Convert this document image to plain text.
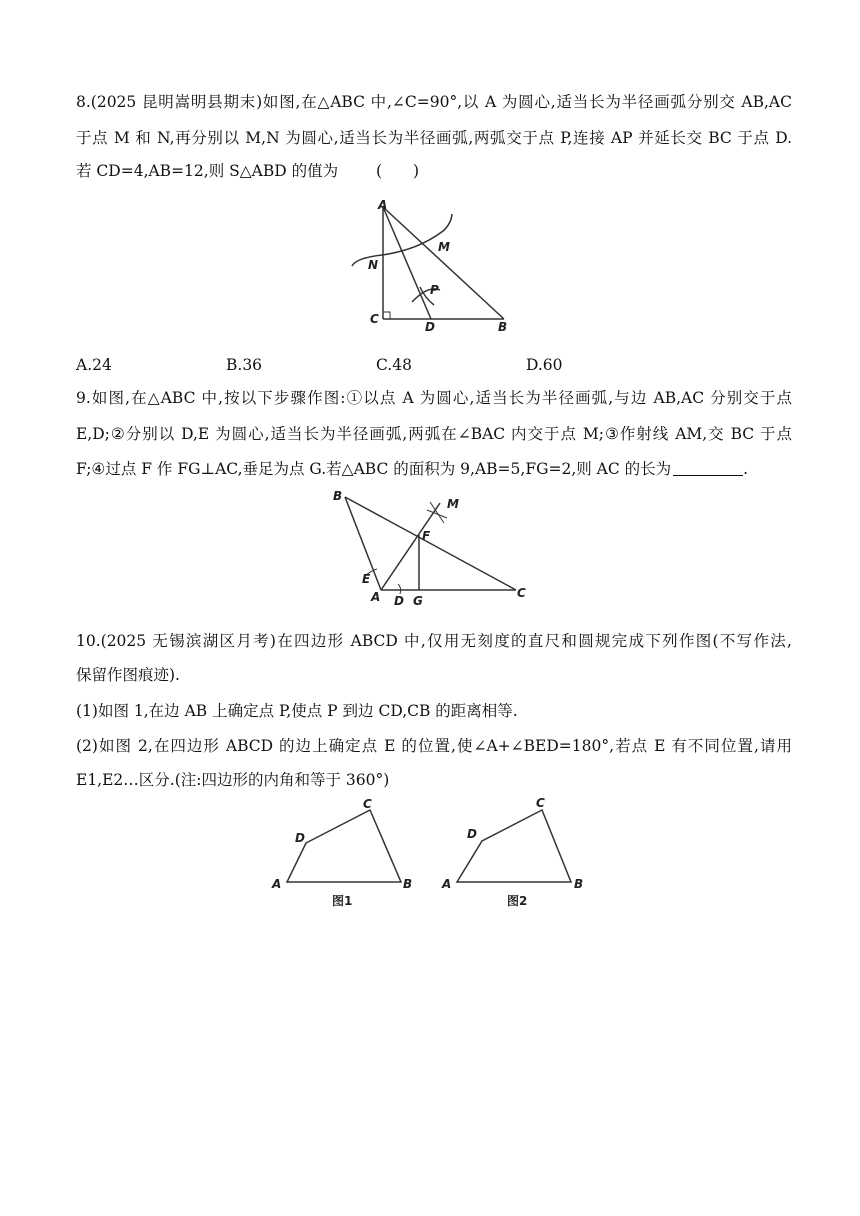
8.(2025 昆明嵩明县期末)如图,在△ABC 中,∠C=90°,以 A 为圆心,适当长为半径画弧分别交 AB,AC
于点 M 和 N,再分别以 M,N 为圆心,适当长为半径画弧,两弧交于点 P,连接 AP 并延长交 BC 于点 D.
若 CD=4,AB=12,则 S△ABD 的值为 (　　)
A
M
N
P
C
D	B
A.24	B.36	C.48	D.60
9.如图,在△ABC 中,按以下步骤作图:①以点 A 为圆心,适当长为半径画弧,与边 AB,AC 分别交于点
E,D;②分别以 D,E 为圆心,适当长为半径画弧,两弧在∠BAC 内交于点 M;③作射线 AM,交 BC 于点
F;④过点 F 作 FG⊥AC,垂足为点 G.若△ABC 的面积为 9,AB=5,FG=2,则 AC 的长为	.
B
M
F
E
A D G
C
10.(2025 无锡滨湖区月考)在四边形 ABCD 中,仅用无刻度的直尺和圆规完成下列作图(不写作法,
保留作图痕迹).
(1)如图 1,在边 AB 上确定点 P,使点 P 到边 CD,CB 的距离相等.
(2)如图 2,在四边形 ABCD 的边上确定点 E 的位置,使∠A+∠BED=180°,若点 E 有不同位置,请用
E1,E2…区分.(注:四边形的内角和等于 360°)
A	B
C
D
图1
A	B
C
D
图2
